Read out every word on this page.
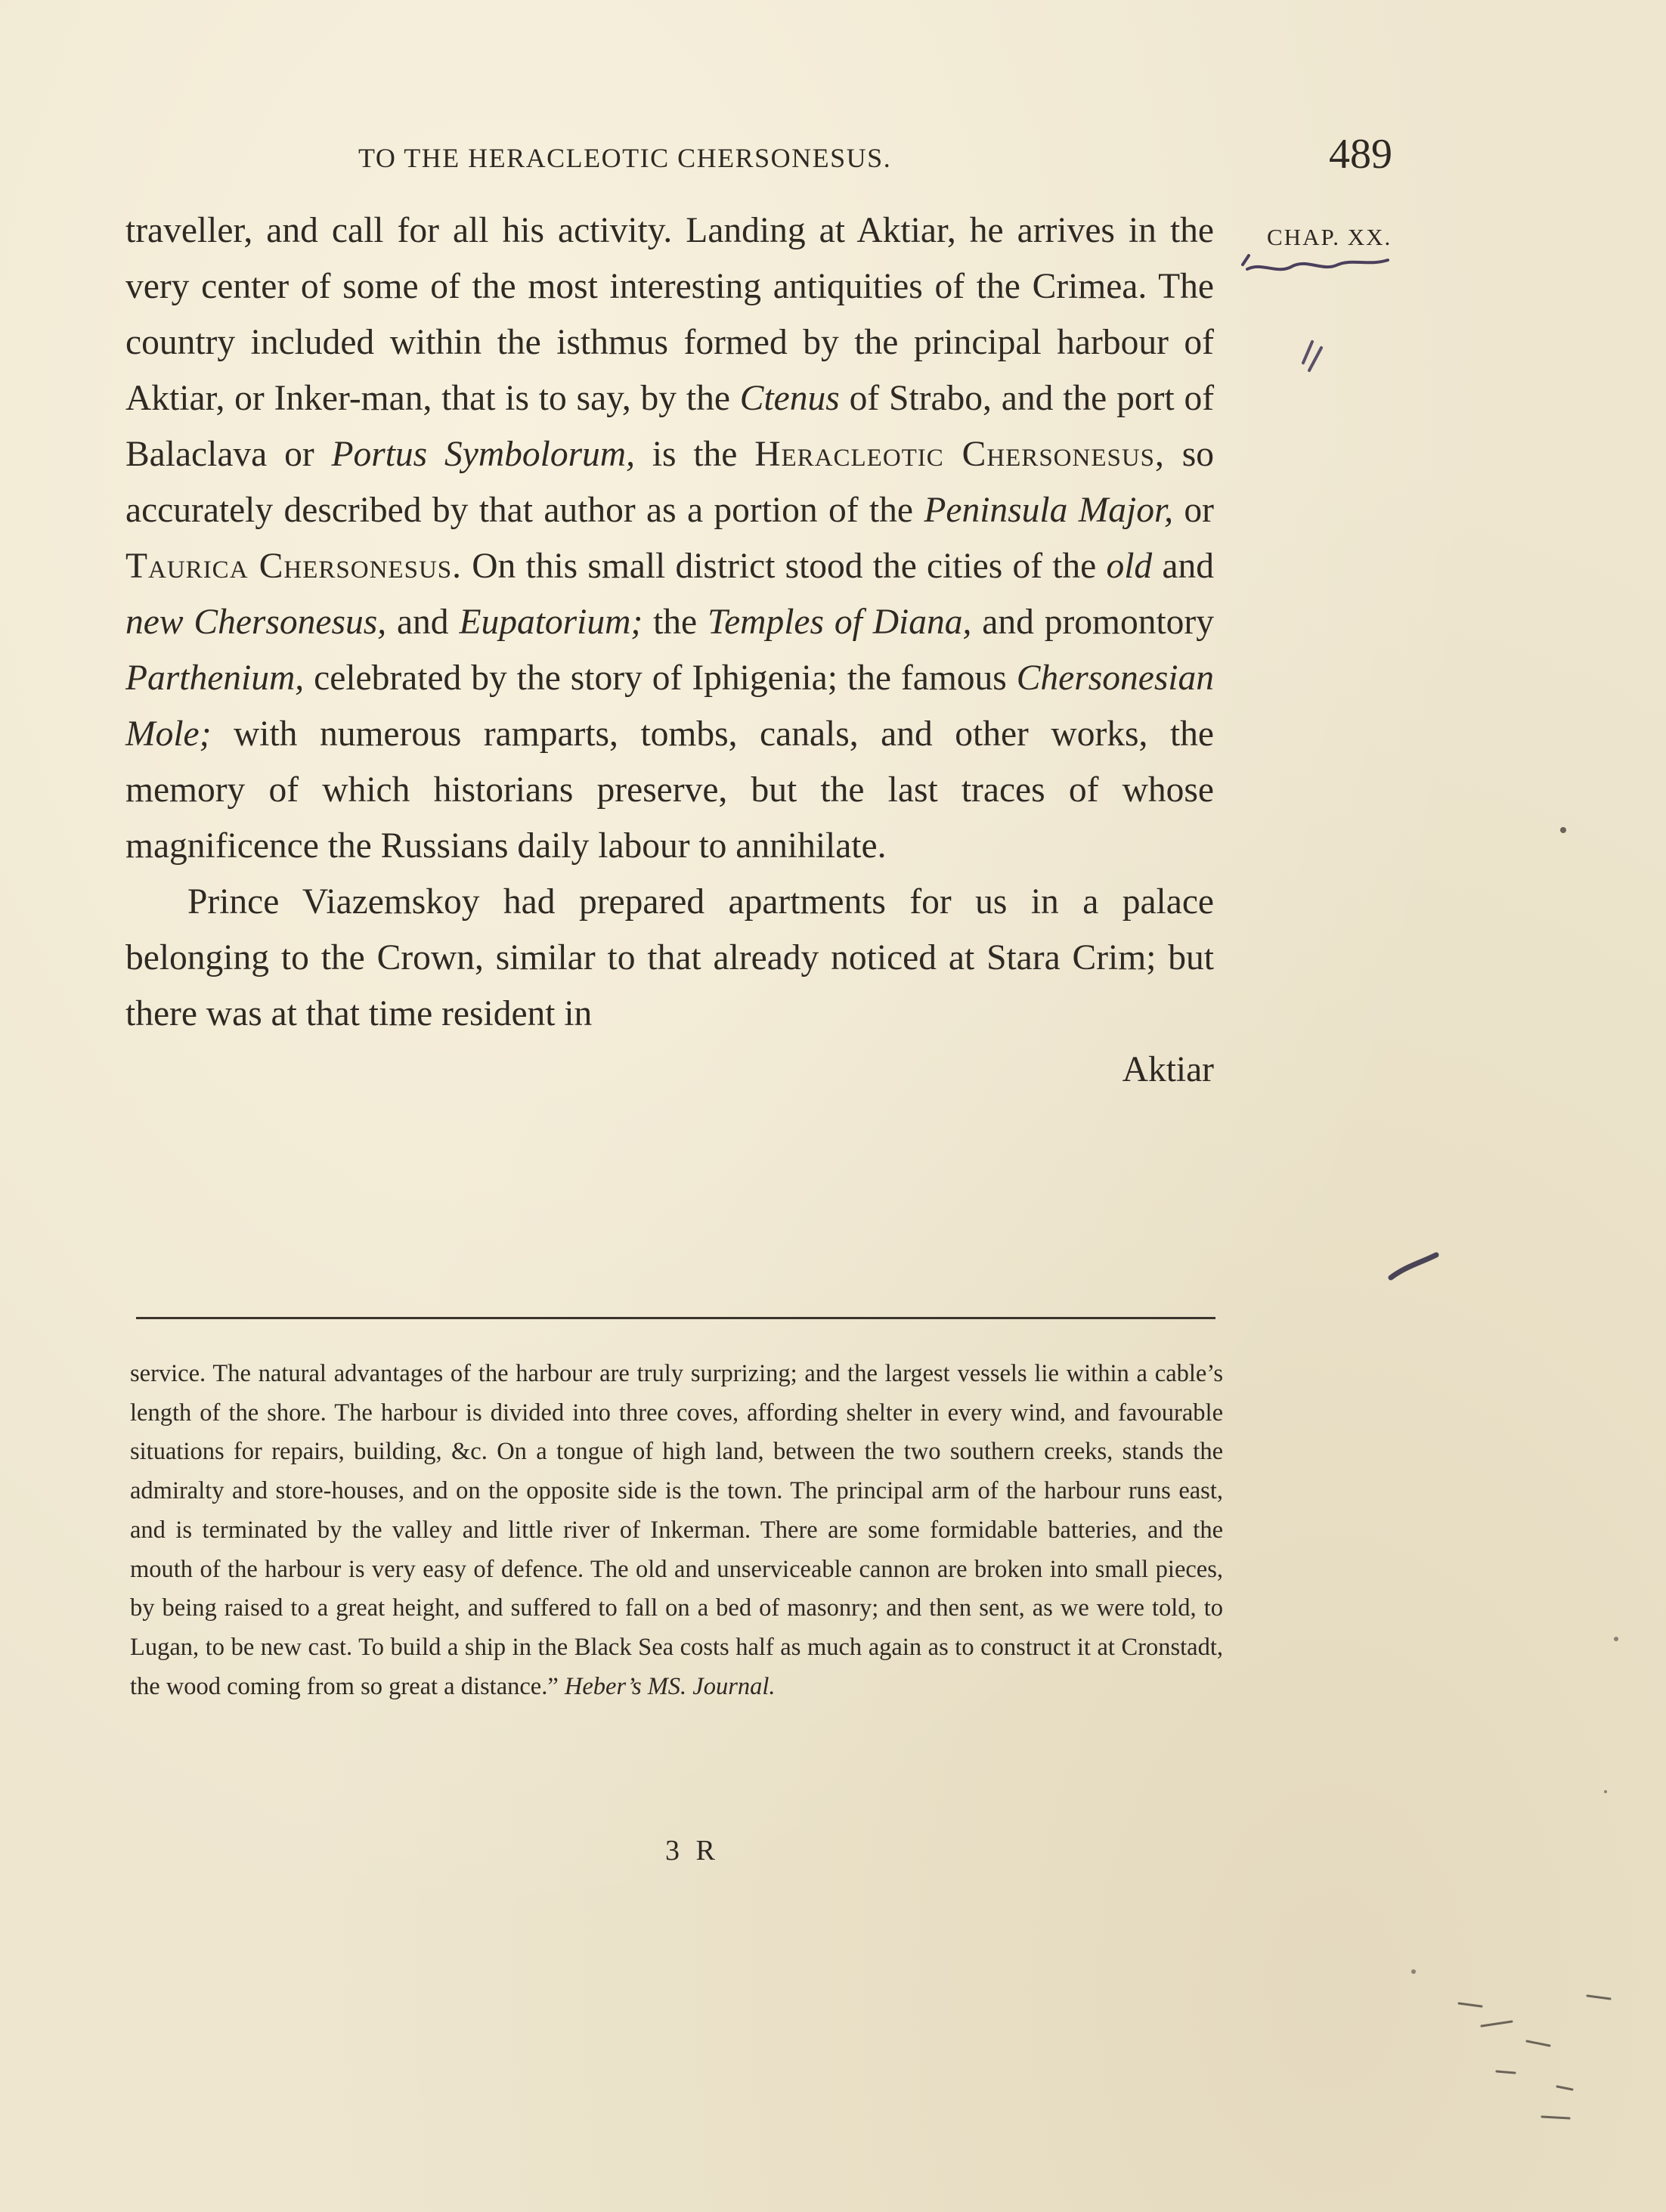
TO THE HERACLEOTIC CHERSONESUS.	489
CHAP. XX.

traveller, and call for all his activity. Landing at Aktiar, he arrives in the very center of some of the most interesting antiquities of the Crimea. The country included within the isthmus formed by the principal harbour of Aktiar, or Inker-man, that is to say, by the Ctenus of Strabo, and the port of Balaclava or Portus Symbolorum, is the Heracleotic Chersonesus, so accurately described by that author as a portion of the Peninsula Major, or Taurica Chersonesus. On this small district stood the cities of the old and new Chersonesus, and Eupatorium; the Temples of Diana, and promontory Parthenium, celebrated by the story of Iphigenia; the famous Chersonesian Mole; with numerous ramparts, tombs, canals, and other works, the memory of which historians preserve, but the last traces of whose magnificence the Russians daily labour to annihilate.

Prince Viazemskoy had prepared apartments for us in a palace belonging to the Crown, similar to that already noticed at Stara Crim; but there was at that time resident in

Aktiar
service. The natural advantages of the harbour are truly surprizing; and the largest vessels lie within a cable’s length of the shore. The harbour is divided into three coves, affording shelter in every wind, and favourable situations for repairs, building, &c. On a tongue of high land, between the two southern creeks, stands the admiralty and store-houses, and on the opposite side is the town. The principal arm of the harbour runs east, and is terminated by the valley and little river of Inkerman. There are some formidable batteries, and the mouth of the harbour is very easy of defence. The old and unserviceable cannon are broken into small pieces, by being raised to a great height, and suffered to fall on a bed of masonry; and then sent, as we were told, to Lugan, to be new cast. To build a ship in the Black Sea costs half as much again as to construct it at Cronstadt, the wood coming from so great a distance.” Heber’s MS. Journal.
3 R
